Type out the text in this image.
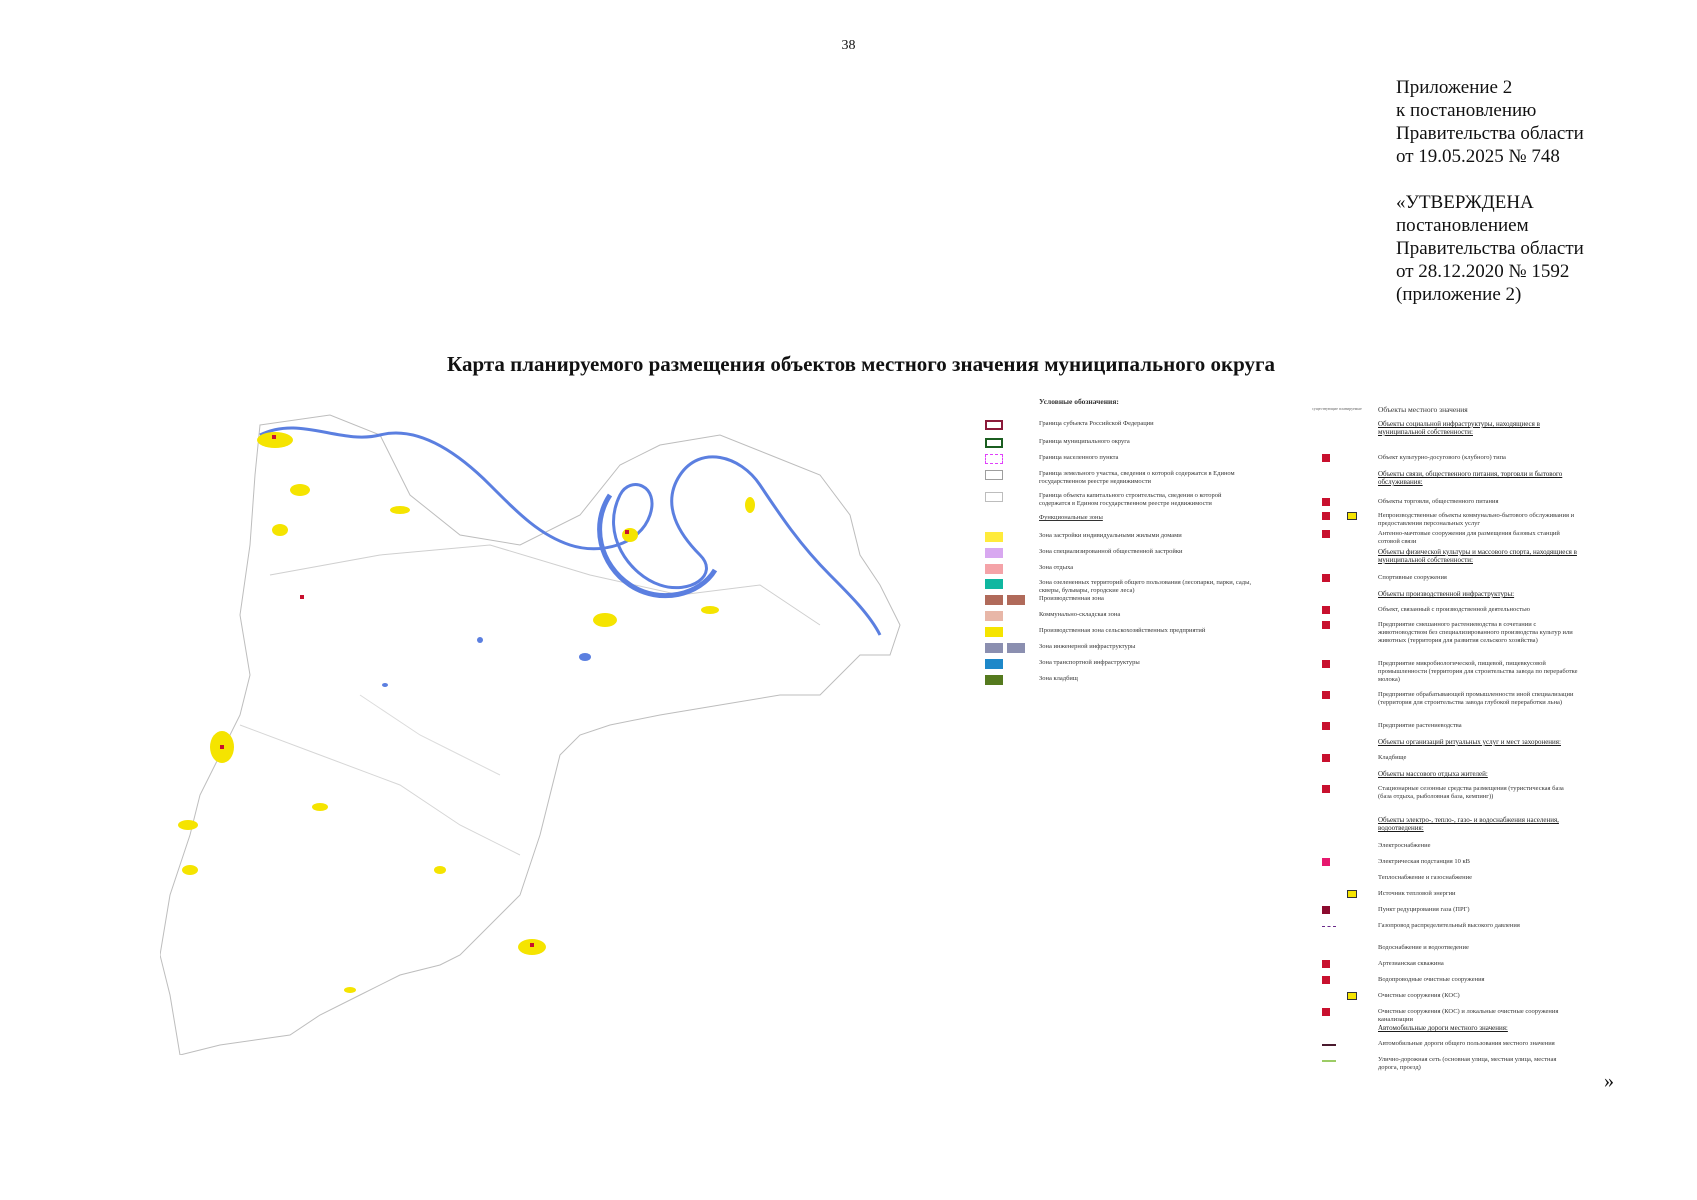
38
Приложение 2
к постановлению
Правительства области
от 19.05.2025 № 748
«УТВЕРЖДЕНА
постановлением
Правительства области
от 28.12.2020 № 1592
(приложение 2)
Карта планируемого размещения объектов местного значения муниципального округа
Условные обозначения:
Граница субъекта Российской Федерации
Граница муниципального округа
Граница населенного пункта
Граница земельного участка, сведения о которой содержатся в Едином государственном реестре недвижимости
Граница объекта капитального строительства, сведения о которой содержатся в Едином государственном реестре недвижимости
Функциональные зоны
Зона застройки индивидуальными жилыми домами
Зона специализированной общественной застройки
Зона отдыха
Зона озелененных территорий общего пользования (лесопарки, парки, сады, скверы, бульвары, городские леса)
Производственная зона
Коммунально-складская зона
Производственная зона сельскохозяйственных предприятий
Зона инженерной инфраструктуры
Зона транспортной инфраструктуры
Зона кладбищ
существующие планируемые Объекты местного значения
Объекты социальной инфраструктуры, находящиеся в муниципальной собственности:
Объект культурно-досугового (клубного) типа
Объекты связи, общественного питания, торговли и бытового обслуживания:
Объекты торговли, общественного питания
Непроизводственные объекты коммунально-бытового обслуживания и предоставления персональных услуг
Антенно-мачтовые сооружения для размещения базовых станций сотовой связи
Объекты физической культуры и массового спорта, находящиеся в муниципальной собственности:
Спортивные сооружения
Объекты производственной инфраструктуры:
Объект, связанный с производственной деятельностью
Предприятие смешанного растениеводства в сочетании с животноводством без специализированного производства культур или животных (территория для развития сельского хозяйства)
Предприятие микробиологической, пищевой, пищевкусовой промышленности (территория для строительства завода по переработке молока)
Предприятие обрабатывающей промышленности иной специализации (территория для строительства завода глубокой переработки льна)
Предприятие растениеводства
Объекты организаций ритуальных услуг и мест захоронения:
Кладбище
Объекты массового отдыха жителей:
Стационарные сезонные средства размещения (туристическая база (база отдыха, рыболовная база, кемпинг))
Объекты электро-, тепло-, газо- и водоснабжения населения, водоотведения:
Электроснабжение
Электрическая подстанция 10 кВ
Теплоснабжение и газоснабжение
Источник тепловой энергии
Пункт редуцирования газа (ПРГ)
Газопровод распределительный высокого давления
Водоснабжение и водоотведение
Артезианская скважина
Водопроводные очистные сооружения
Очистные сооружения (КОС)
Очистные сооружения (КОС) и локальные очистные сооружения канализации
Автомобильные дороги местного значения:
Автомобильные дороги общего пользования местного значения
Улично-дорожная сеть (основная улица, местная улица, местная дорога, проезд)
»
